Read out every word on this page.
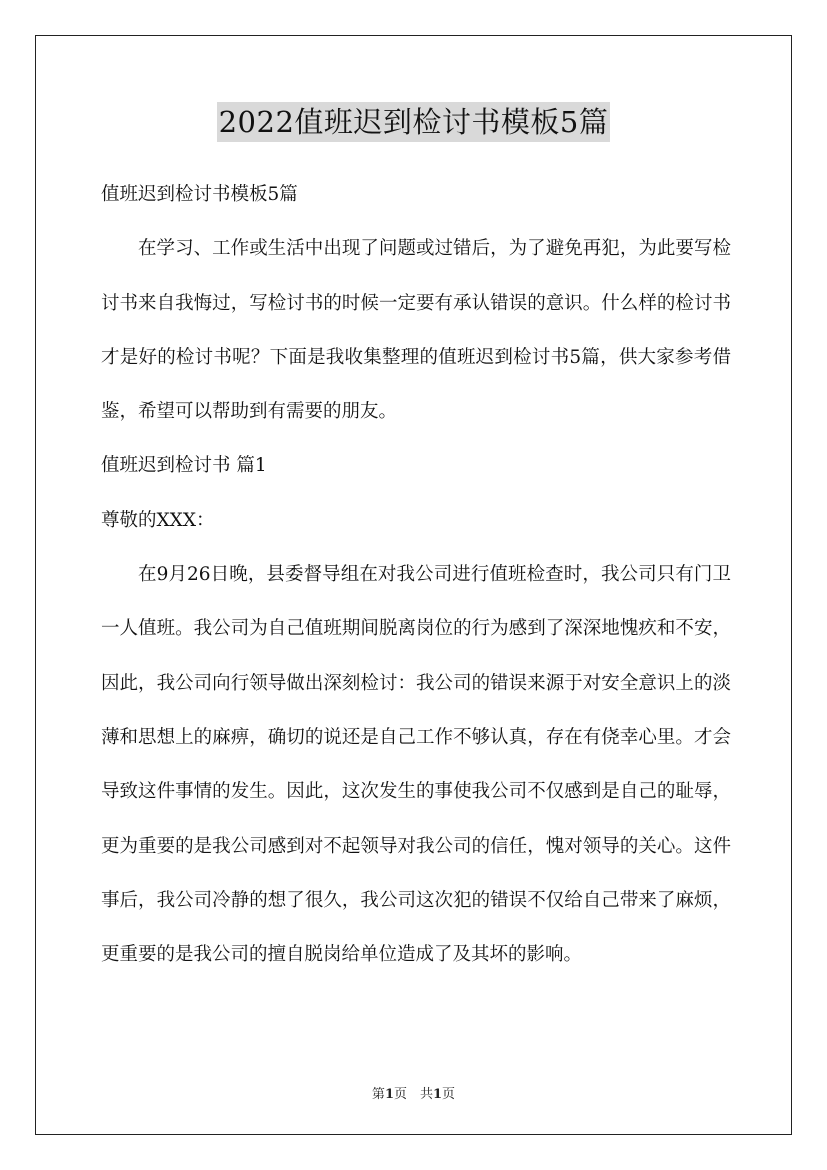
2022值班迟到检讨书模板5篇

值班迟到检讨书模板5篇

在学习、工作或生活中出现了问题或过错后，为了避免再犯，为此要写检讨书来自我悔过，写检讨书的时候一定要有承认错误的意识。什么样的检讨书才是好的检讨书呢？下面是我收集整理的值班迟到检讨书5篇，供大家参考借鉴，希望可以帮助到有需要的朋友。

值班迟到检讨书 篇1

尊敬的XXX：

在9月26日晚，县委督导组在对我公司进行值班检查时，我公司只有门卫一人值班。我公司为自己值班期间脱离岗位的行为感到了深深地愧疚和不安，因此，我公司向行领导做出深刻检讨：我公司的错误来源于对安全意识上的淡薄和思想上的麻痹，确切的说还是自己工作不够认真，存在有侥幸心里。才会导致这件事情的发生。因此，这次发生的事使我公司不仅感到是自己的耻辱，更为重要的是我公司感到对不起领导对我公司的信任，愧对领导的关心。这件事后，我公司冷静的想了很久，我公司这次犯的错误不仅给自己带来了麻烦，更重要的是我公司的擅自脱岗给单位造成了及其坏的影响。

第1页　共1页
